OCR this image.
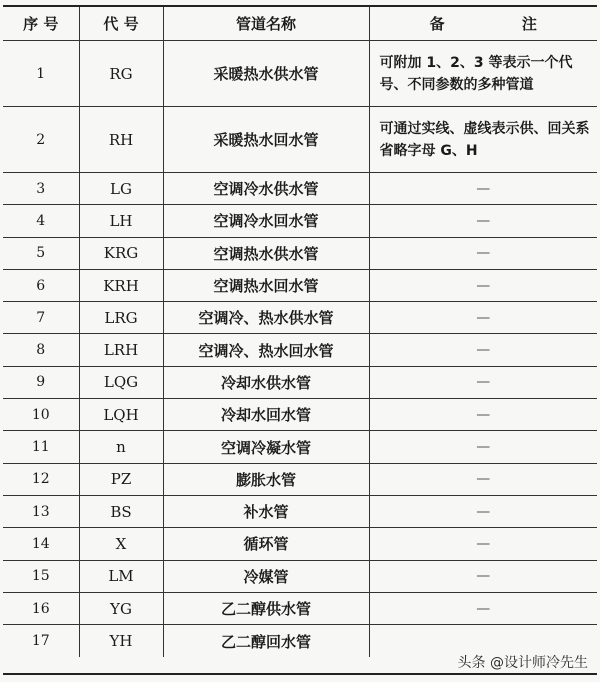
序 号	代 号	管道名称	备 注
1	RG	采暖热水供水管	可附加 1、2、3 等表示一个代号、不同参数的多种管道
2	RH	采暖热水回水管	可通过实线、虚线表示供、回关系省略字母 G、H
3	LG	空调冷水供水管	—
4	LH	空调冷水回水管	—
5	KRG	空调热水供水管	—
6	KRH	空调热水回水管	—
7	LRG	空调冷、热水供水管	—
8	LRH	空调冷、热水回水管	—
9	LQG	冷却水供水管	—
10	LQH	冷却水回水管	—
11	n	空调冷凝水管	—
12	PZ	膨胀水管	—
13	BS	补水管	—
14	X	循环管	—
15	LM	冷媒管	—
16	YG	乙二醇供水管	—
17	YH	乙二醇回水管	
头条 @设计师冷先生
